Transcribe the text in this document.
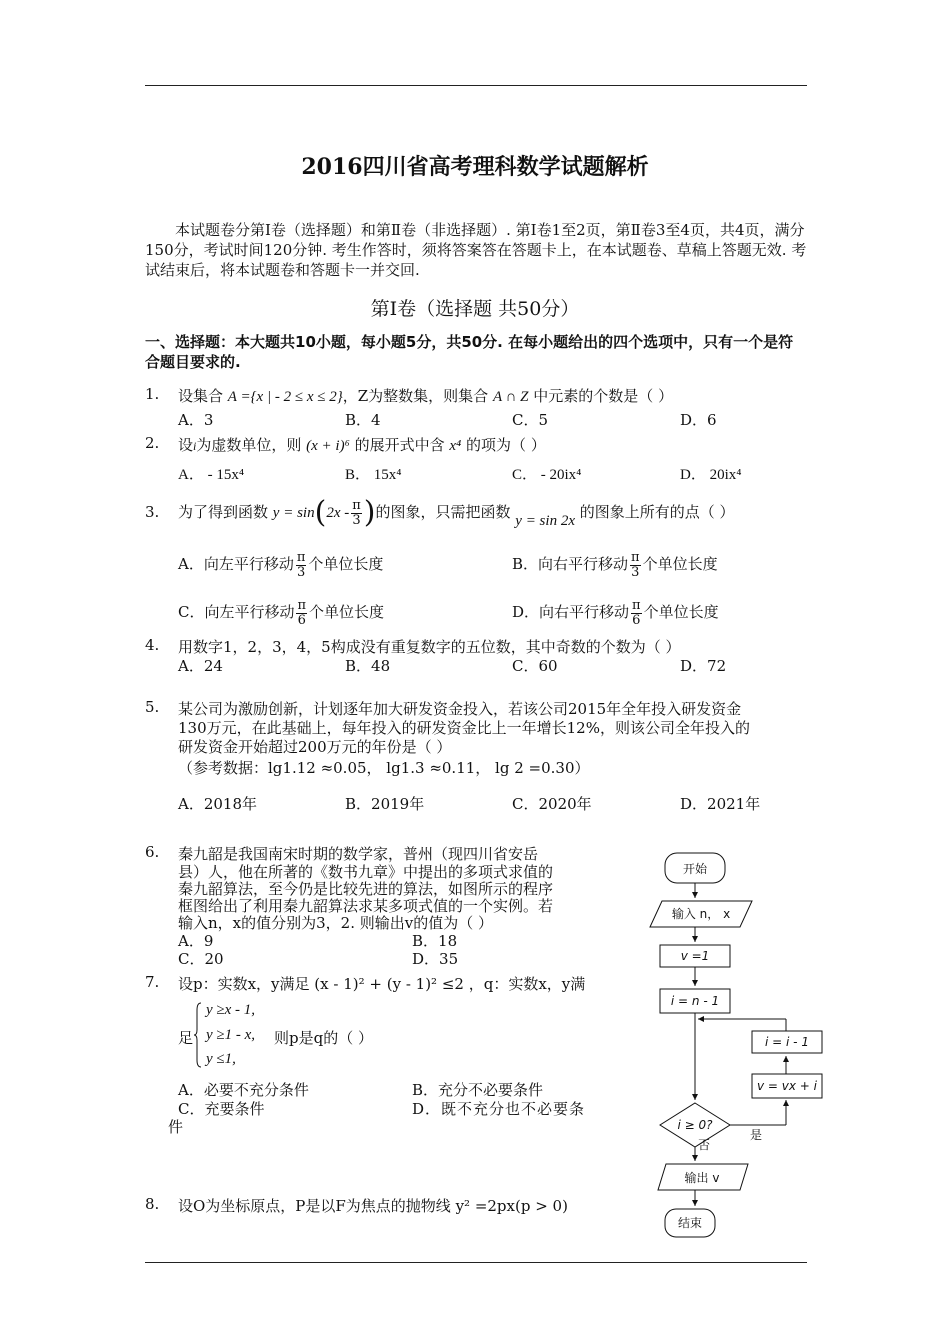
2016四川省高考理科数学试题解析
本试题卷分第Ⅰ卷（选择题）和第Ⅱ卷（非选择题）. 第Ⅰ卷1至2页，第Ⅱ卷3至4页，共4页，满分150分，考试时间120分钟. 考生作答时，须将答案答在答题卡上，在本试题卷、草稿上答题无效. 考试结束后，将本试题卷和答题卡一并交回.
第Ⅰ卷（选择题 共50分）
一、选择题：本大题共10小题，每小题5分，共50分. 在每小题给出的四个选项中，只有一个是符合题目要求的.
1. 设集合 A ={x | - 2 ≤ x ≤ 2}，Z为整数集，则集合 A ∩ Z 中元素的个数是（ ）
A．3	B．4	C．5	D．6
2. 设i为虚数单位，则 (x + i)⁶ 的展开式中含 x⁴ 的项为（ ）
A． - 15x⁴	B． 15x⁴	C． - 20ix⁴	D． 20ix⁴
3. 为了得到函数 $y = \sin(2x - \frac{\pi}{3}$ )的图象，只需把函数 y = sin 2x 的图象上所有的点（ ）
A．向左平行移动 $\frac{\pi}{3}$ 个单位长度	B．向右平行移动 $\frac{\pi}{3}$ 个单位长度
C．向左平行移动 $\frac{\pi}{6}$ 个单位长度	D．向右平行移动 $\frac{\pi}{6}$ 个单位长度
4. 用数字1，2，3，4，5构成没有重复数字的五位数，其中奇数的个数为（ ）
A．24	B．48	C．60	D．72
5. 某公司为激励创新，计划逐年加大研发资金投入，若该公司2015年全年投入研发资金
130万元，在此基础上，每年投入的研发资金比上一年增长12%，则该公司全年投入的
研发资金开始超过200万元的年份是（ ）
（参考数据：lg1.12 ≈0.05， lg1.3 ≈0.11， lg 2 =0.30）
A．2018年	B．2019年	C．2020年	D．2021年
6. 秦九韶是我国南宋时期的数学家，普州（现四川省安岳
县）人，他在所著的《数书九章》中提出的多项式求值的
秦九韶算法，至今仍是比较先进的算法，如图所示的程序
框图给出了利用秦九韶算法求某多项式值的一个实例。若
输入n，x的值分别为3，2. 则输出v的值为（ ）
A．9	B．18
C．20	D．35
7. 设p：实数x，y满足 (x - 1)² + (y - 1)² ≤2 ，q：实数x，y满
足
y ≥x - 1,
y ≥1 - x,
y ≤1,
则p是q的（ ）
A．必要不充分条件	B．充分不必要条件
C．充要条件	D．既不充分也不必要条
件
8. 设O为坐标原点，P是以F为焦点的抛物线 y² =2px(p > 0)
开始
输入 n， x
v =1
i = n - 1
i = i - 1
v = vx + i
i ≥ 0?
是
否
输出 v
结束
